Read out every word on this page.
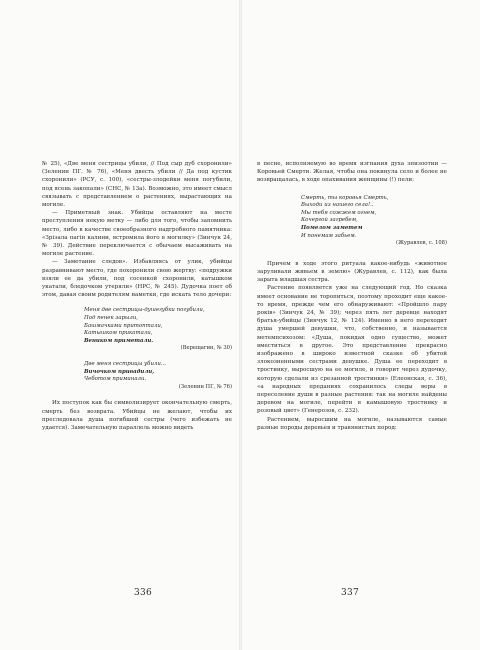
№ 25), «Две меня сестрицы убили, // Под сыр дуб схоронили» (Зеленин ПГ. № 76), «Меня двесть убили // Да под кустик схоронили» (РСУ, с. 100), «сестры-злодейки меня погубили, под ясень закопали» (СНС, № 13а). Возможно, это имеет смысл связывать с представлением о растениях, вырастающих на могиле.

— Приметный знак. Убийцы оставляют на месте преступления некую метку — либо для того, чтобы запомнить место, либо в качестве своеобразного надгробного памятника: «Зрізала пагін калини, встромила його в могилку» (Зинчук 24, № 39). Действие переключается с обычаем высаживать на могиле растение.

— Заметание следов». Избавляясь от улик, убийцы разравнивают место, где похоронили свою жертву: «подружки взяли ее да убили, под сосенкой схоронили, катышком укатали, бледочком утеряли» (НРС, № 245). Дудочка поет об этом, давая своим родителям наметки, где искать тело дочери:

Меня две сестрицы-душегубки погубили,
Под пенек зарыли,
Башмачками притоптали,
Катышком прикатали,
Веником приметали.
(Верещагин, № 30)
Две меня сестрицы убили...
Вичочком привадили,
Чеботом приминали.
(Зеленин ПГ, № 76)

Их поступок как бы символизирует окончательную смерть, смерть без возврата. Убийцы не желают, чтобы их преследовала душа погибшей сестры (чего избежать не удается). Замечательную параллель можно видеть

в песне, исполняемую во время изгнания духа эпизоотии — Коровьей Смерти. Желая, чтобы она покинула село и более не возвращалась, в ходе опахивания женщины (!) пели:

Смерть, ты коровья Смерть,
Выходи из нашего села!..
Мы тебя сожжем огнем,
Кочергой загребем,
Помелом заметем
И понемам забьем.
(Журавлев, с. 108)

Причем в ходе этого ритуала какое-нибудь «животное заруливали живьем в землю» (Журавлев, с. 112), как была зарыта младшая сестра.

Растение появляется уже на следующий год. Но сказка имеет основание не торопиться, поэтому проходит еще какое-то время, прежде чем его обнаруживают: «Пройшло пару років» (Зинчук 24, № 39); через пять лет деревце находят братья-убийцы (Зинчук 12, № 124). Именно в него переходит душа умершей девушки, что, собственно, и называется метемпсихозом: «Душа, покидая одно существо, может вместиться в другое. Это представление прекрасно изображено в широко известной сказке об убитой злокозненными сестрами девушке. Душа ее переходит в тростинку, выросшую на ее могиле, и говорит через дудочку, которую сделали из срезанной тростинки» (Елеонская, с. 36), «а народных преданиях сохранилось следы веры в переселение души в разные растения: так на могиле найдены деревом на могиле, перейти в камышовую тростинку и розовый цвет» (Генерозов, с. 232).

Растением, выросшим на могиле, называются самые разные породы деревьев и травянистых пород:

336	337
